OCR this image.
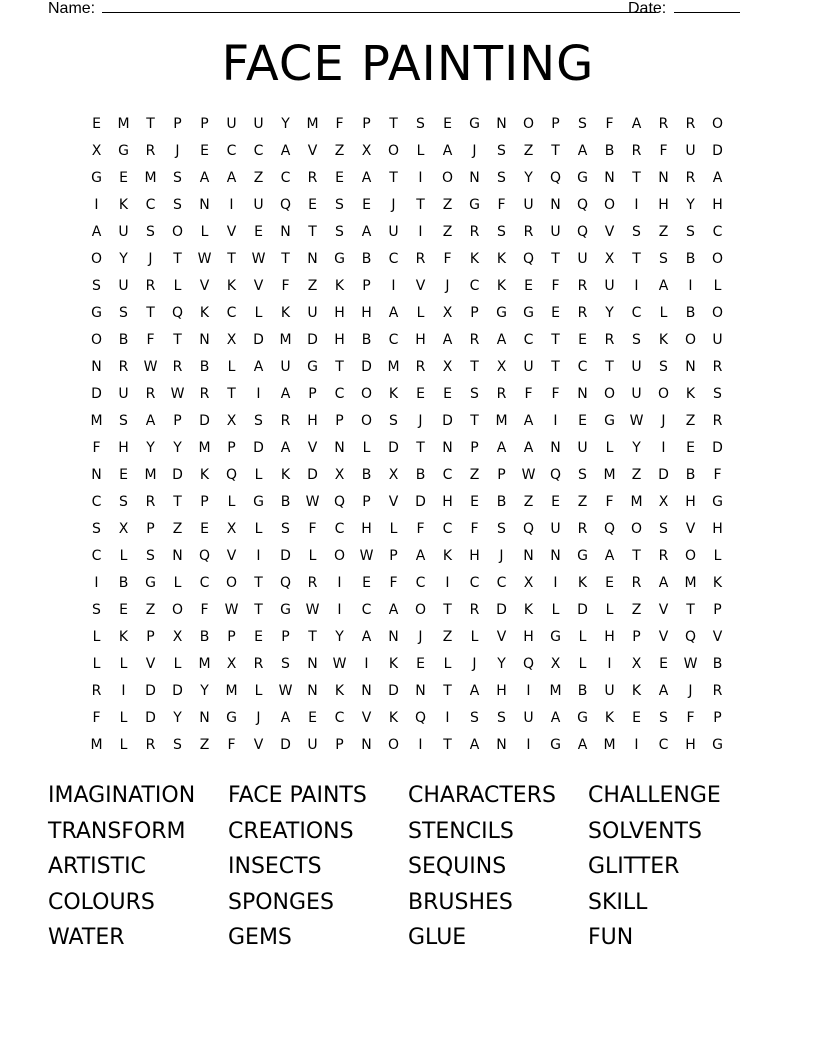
Name:	Date:
FACE PAINTING
E	M	T	P	P	U	U	Y	M	F	P	T	S	E	G	N	O	P	S	F	A	R	R	O
X	G	R	J	E	C	C	A	V	Z	X	O	L	A	J	S	Z	T	A	B	R	F	U	D
G	E	M	S	A	A	Z	C	R	E	A	T	I	O	N	S	Y	Q	G	N	T	N	R	A
I	K	C	S	N	I	U	Q	E	S	E	J	T	Z	G	F	U	N	Q	O	I	H	Y	H
A	U	S	O	L	V	E	N	T	S	A	U	I	Z	R	S	R	U	Q	V	S	Z	S	C
O	Y	J	T	W	T	W	T	N	G	B	C	R	F	K	K	Q	T	U	X	T	S	B	O
S	U	R	L	V	K	V	F	Z	K	P	I	V	J	C	K	E	F	R	U	I	A	I	L
G	S	T	Q	K	C	L	K	U	H	H	A	L	X	P	G	G	E	R	Y	C	L	B	O
O	B	F	T	N	X	D	M	D	H	B	C	H	A	R	A	C	T	E	R	S	K	O	U
N	R	W	R	B	L	A	U	G	T	D	M	R	X	T	X	U	T	C	T	U	S	N	R
D	U	R	W	R	T	I	A	P	C	O	K	E	E	S	R	F	F	N	O	U	O	K	S
M	S	A	P	D	X	S	R	H	P	O	S	J	D	T	M	A	I	E	G	W	J	Z	R
F	H	Y	Y	M	P	D	A	V	N	L	D	T	N	P	A	A	N	U	L	Y	I	E	D
N	E	M	D	K	Q	L	K	D	X	B	X	B	C	Z	P	W	Q	S	M	Z	D	B	F
C	S	R	T	P	L	G	B	W	Q	P	V	D	H	E	B	Z	E	Z	F	M	X	H	G
S	X	P	Z	E	X	L	S	F	C	H	L	F	C	F	S	Q	U	R	Q	O	S	V	H
C	L	S	N	Q	V	I	D	L	O	W	P	A	K	H	J	N	N	G	A	T	R	O	L
I	B	G	L	C	O	T	Q	R	I	E	F	C	I	C	C	X	I	K	E	R	A	M	K
S	E	Z	O	F	W	T	G	W	I	C	A	O	T	R	D	K	L	D	L	Z	V	T	P
L	K	P	X	B	P	E	P	T	Y	A	N	J	Z	L	V	H	G	L	H	P	V	Q	V
L	L	V	L	M	X	R	S	N	W	I	K	E	L	J	Y	Q	X	L	I	X	E	W	B
R	I	D	D	Y	M	L	W	N	K	N	D	N	T	A	H	I	M	B	U	K	A	J	R
F	L	D	Y	N	G	J	A	E	C	V	K	Q	I	S	S	U	A	G	K	E	S	F	P
M	L	R	S	Z	F	V	D	U	P	N	O	I	T	A	N	I	G	A	M	I	C	H	G
IMAGINATION	FACE PAINTS	CHARACTERS	CHALLENGE
TRANSFORM	CREATIONS	STENCILS	SOLVENTS
ARTISTIC	INSECTS	SEQUINS	GLITTER
COLOURS	SPONGES	BRUSHES	SKILL
WATER	GEMS	GLUE	FUN
